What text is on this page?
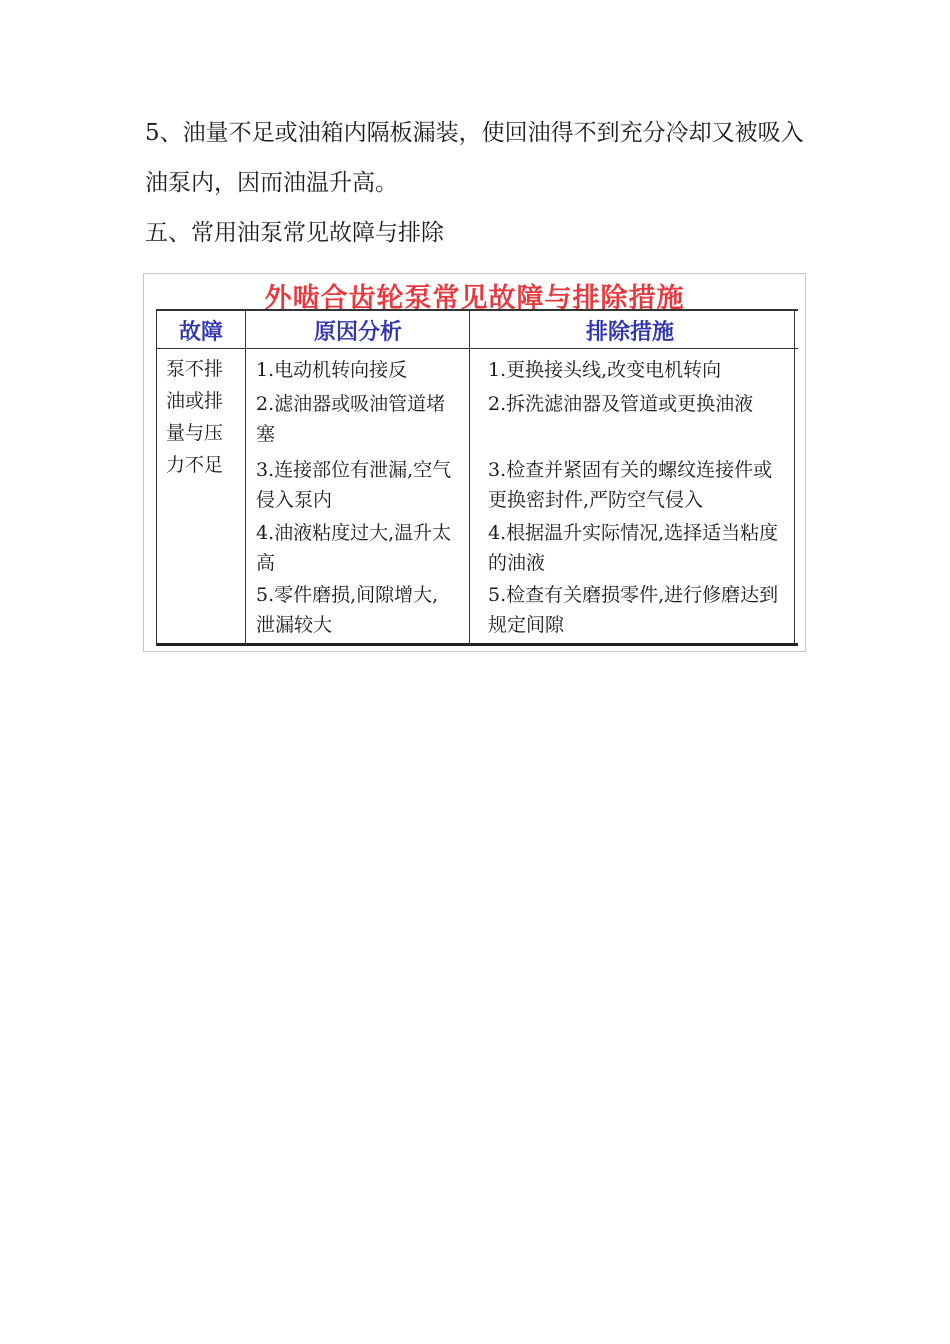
5、油量不足或油箱内隔板漏装，使回油得不到充分冷却又被吸入油泵内，因而油温升高。

五、常用油泵常见故障与排除

外啮合齿轮泵常见故障与排除措施
故障	原因分析	排除措施
泵不排
油或排
量与压
力不足

1.电动机转向接反

2.滤油器或吸油管道堵塞

3.连接部位有泄漏,空气侵入泵内

4.油液粘度过大,温升太高

5.零件磨损,间隙增大,泄漏较大

1.更换接头线,改变电机转向

2.拆洗滤油器及管道或更换油液

3.检查并紧固有关的螺纹连接件或更换密封件,严防空气侵入

4.根据温升实际情况,选择适当粘度的油液

5.检查有关磨损零件,进行修磨达到规定间隙
